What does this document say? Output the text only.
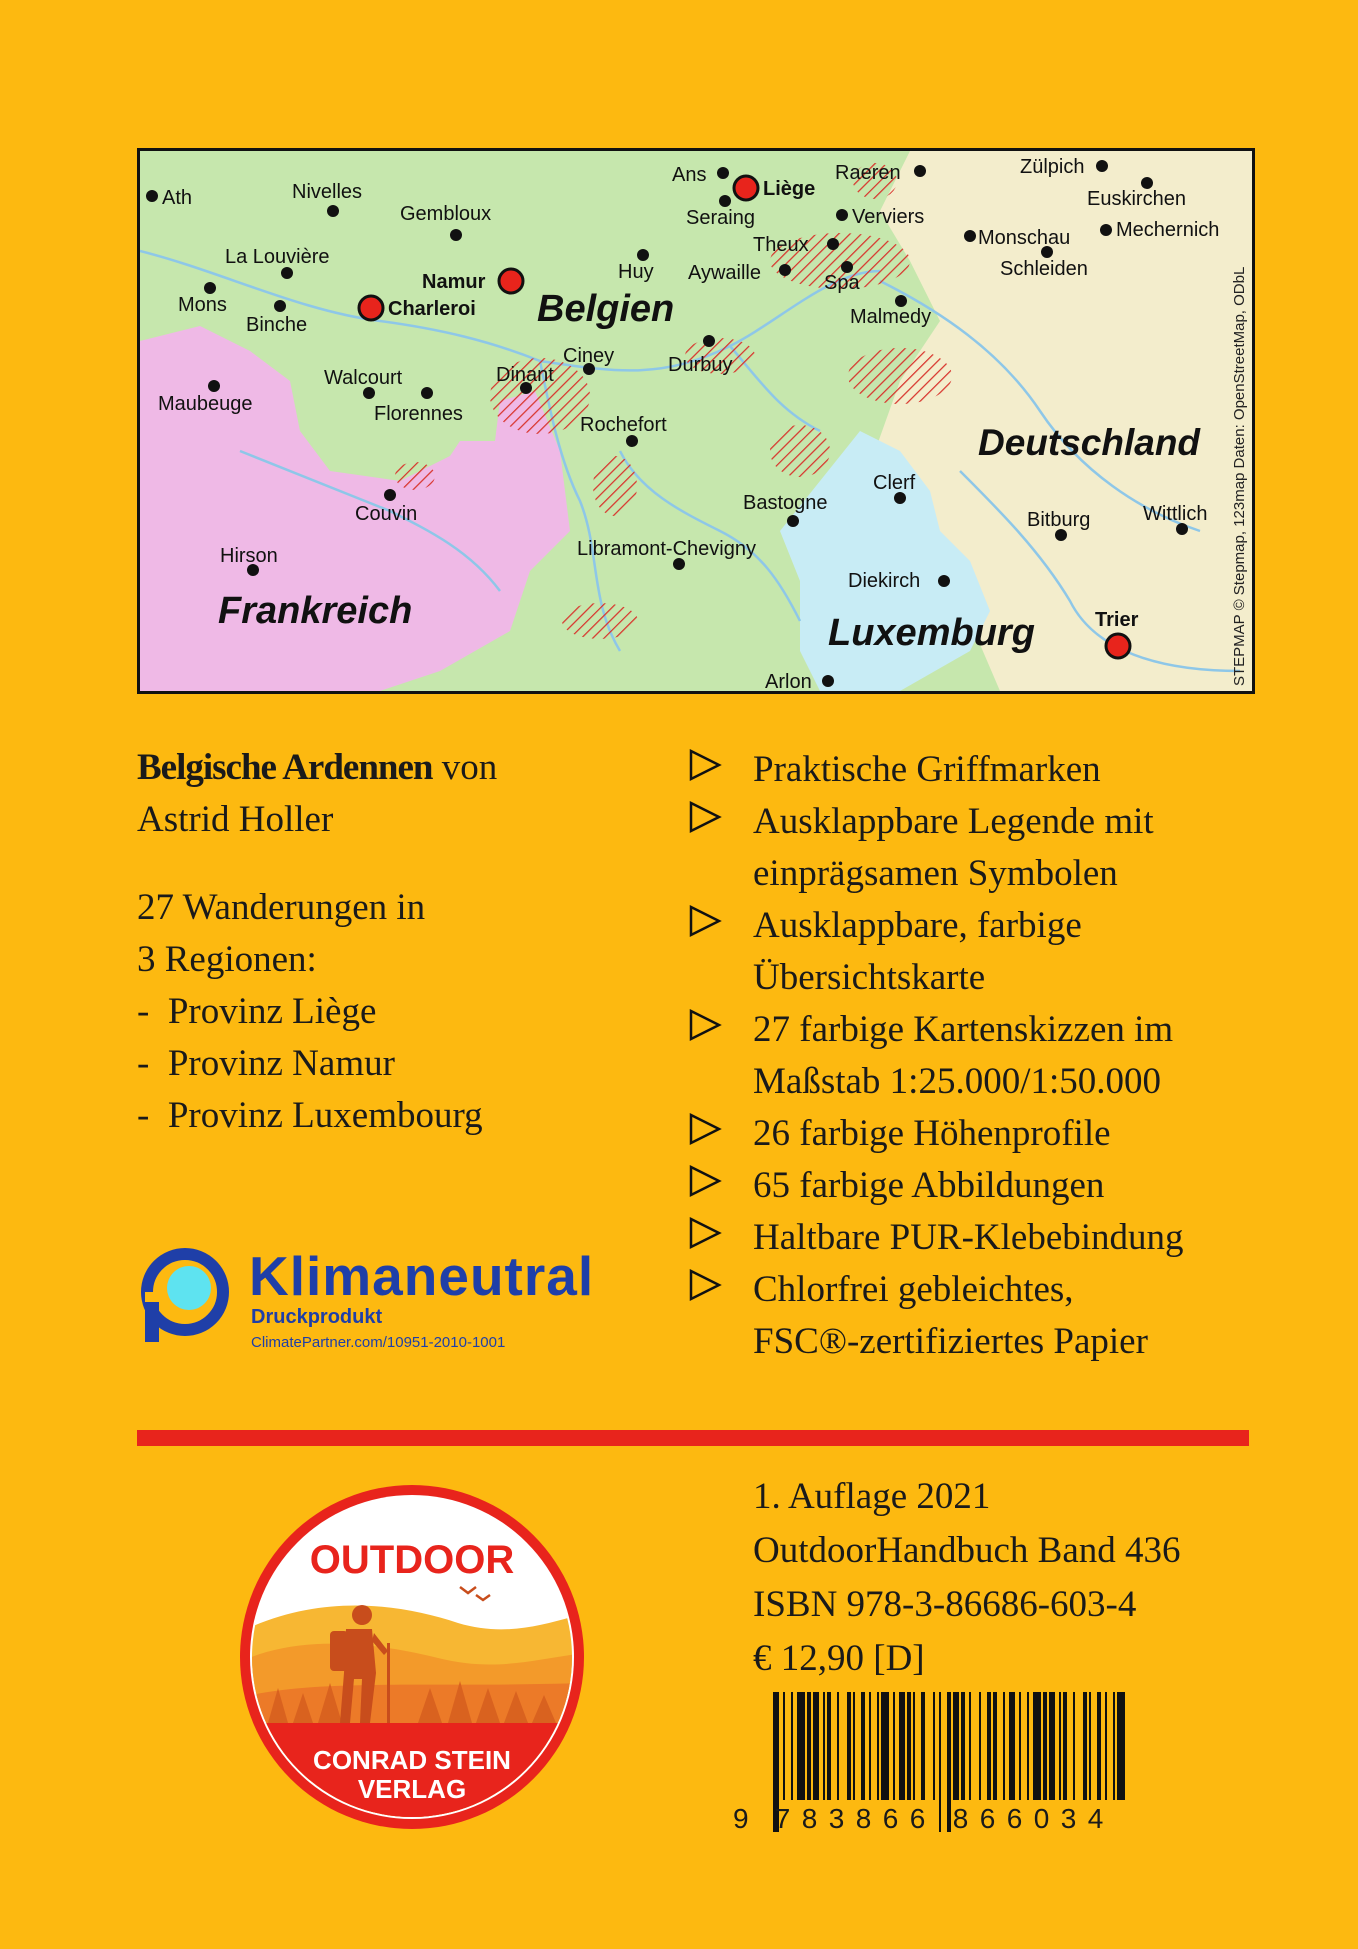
Ath	Nivelles
Gembloux
La Louvière
Mons
Binche
Namur
Charleroi
Huy
Ans
Liège
Seraing
Raeren
Verviers
Theux
Aywaille	Spa
Malmedy
Zülpich
Euskirchen
Monschau Mechernich
Schleiden
Maubeuge
Walcourt
Florennes
Dinant
Ciney	Durbuy
Rochefort
Couvin
Hirson
Clerf
Bastogne
Libramont-Chevigny
Bitburg	Wittlich
Diekirch
Trier
Arlon
Belgien
Deutschland
Frankreich
Luxemburg	STEPMAP © Stepmap, 123map Daten: OpenStreetMap, ODbL
Belgische Ardennen von
Astrid Holler
27 Wanderungen in
3 Regionen:
-  Provinz Liège
-  Provinz Namur
-  Provinz Luxembourg
Praktische Griffmarken
Ausklappbare Legende mit
einprägsamen Symbolen
Ausklappbare, farbige
Übersichtskarte
27 farbige Kartenskizzen im
Maßstab 1:25.000/1:50.000
26 farbige Höhenprofile
65 farbige Abbildungen
Haltbare PUR-Klebebindung
Chlorfrei gebleichtes,
FSC®-zertifiziertes Papier
Klimaneutral
Druckprodukt
ClimatePartner.com/10951-2010-1001
OUTDOOR
CONRAD STEIN
VERLAG
1. Auflage 2021
OutdoorHandbuch Band 436
ISBN 978-3-86686-603-4
€ 12,90 [D]
9 7 8 3 8 6 6 8 6 6 0 3 4
